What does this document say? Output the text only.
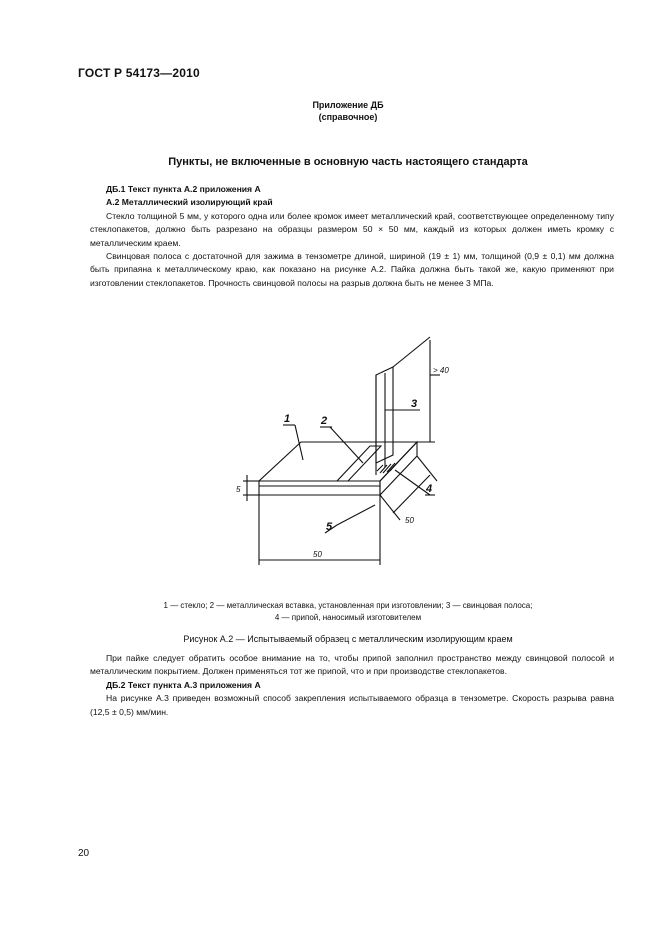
ГОСТ Р 54173—2010
Приложение ДБ
(справочное)
Пункты, не включенные в основную часть настоящего стандарта

ДБ.1 Текст пункта А.2 приложения А

А.2 Металлический изолирующий край

Стекло толщиной 5 мм, у которого одна или более кромок имеет металлический край, соответствующее определенному типу стеклопакетов, должно быть разрезано на образцы размером 50 × 50 мм, каждый из которых должен иметь кромку с металлическим краем.

Свинцовая полоса с достаточной для зажима в тензометре длиной, шириной (19 ± 1) мм, толщиной (0,9 ± 0,1) мм должна быть припаяна к металлическому краю, как показано на рисунке А.2. Пайка должна быть такой же, какую применяют при изготовлении стеклопакетов. Прочность свинцовой полосы на разрыв должна быть не менее 3 МПа.

1	2
3
4
5
> 40
5
50
50
1 — стекло; 2 — металлическая вставка, установленная при изготовлении; 3 — свинцовая полоса;
4 — припой, наносимый изготовителем
Рисунок А.2 — Испытываемый образец с металлическим изолирующим краем

При пайке следует обратить особое внимание на то, чтобы припой заполнил пространство между свинцовой полосой и металлическим покрытием. Должен применяться тот же припой, что и при производстве стеклопакетов.

ДБ.2 Текст пункта А.3 приложения А

На рисунке А.3 приведен возможный способ закрепления испытываемого образца в тензометре. Скорость разрыва равна (12,5 ± 0,5) мм/мин.

20
